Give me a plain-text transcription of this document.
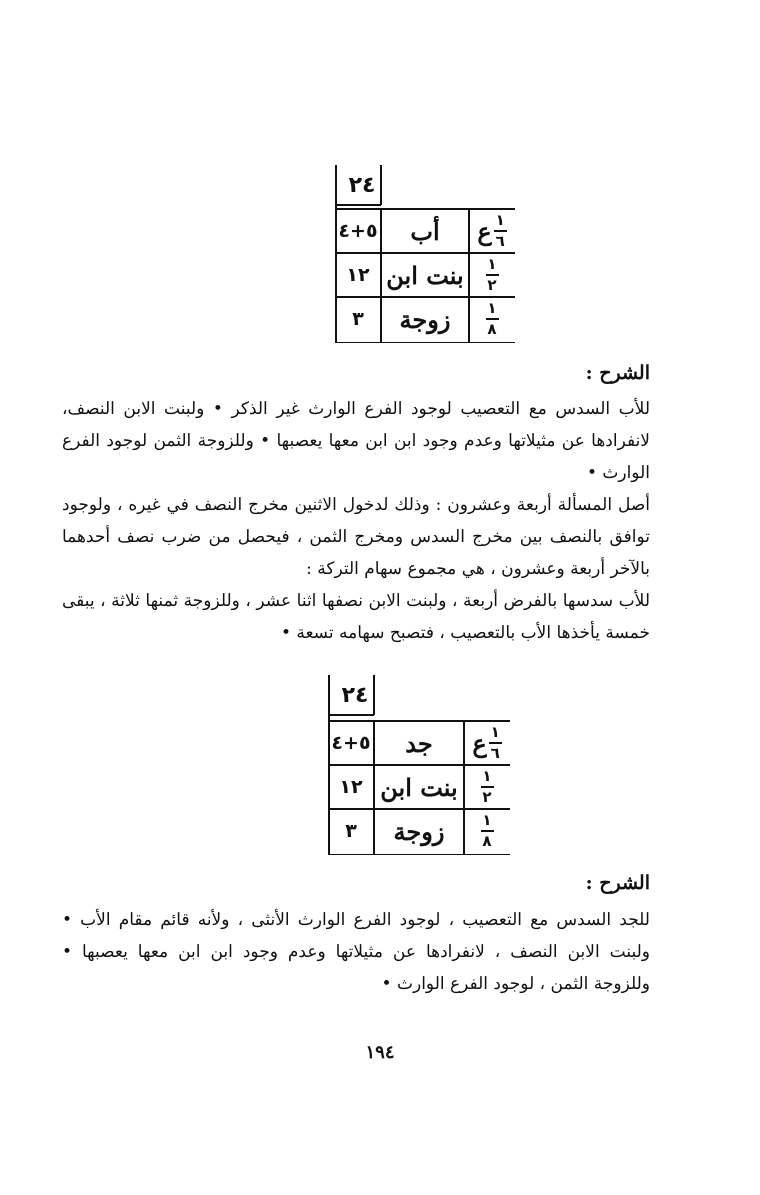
٢٤
٥+٤	أب	ع $\frac{١}{٦}$
١٢ بنت ابن	$\frac{١}{٢}$
٣	زوجة	$\frac{١}{٨}$
الشرح :
للأب السدس مع التعصيب لوجود الفرع الوارث غير الذكر • ولبنت الابن النصف، لانفرادها عن مثيلاتها وعدم وجود ابن ابن معها يعصبها • وللزوجة الثمن لوجود الفرع الوارث •
أصل المسألة أربعة وعشرون : وذلك لدخول الاثنين مخرج النصف في غيره ، ولوجود توافق بالنصف بين مخرج السدس ومخرج الثمن ، فيحصل من ضرب نصف أحدهما بالآخر أربعة وعشرون ، هي مجموع سهام التركة :
للأب سدسها بالفرض أربعة ، ولبنت الابن نصفها اثنا عشر ، وللزوجة ثمنها ثلاثة ، يبقى خمسة يأخذها الأب بالتعصيب ، فتصبح سهامه تسعة •
٢٤
٥+٤	جد	ع $\frac{١}{٦}$
١٢ بنت ابن	$\frac{١}{٢}$
٣	زوجة	$\frac{١}{٨}$
الشرح :
للجد السدس مع التعصيب ، لوجود الفرع الوارث الأنثى ، ولأنه قائم مقام الأب • ولبنت الابن النصف ، لانفرادها عن مثيلاتها وعدم وجود ابن ابن معها يعصبها • وللزوجة الثمن ، لوجود الفرع الوارث •
١٩٤
